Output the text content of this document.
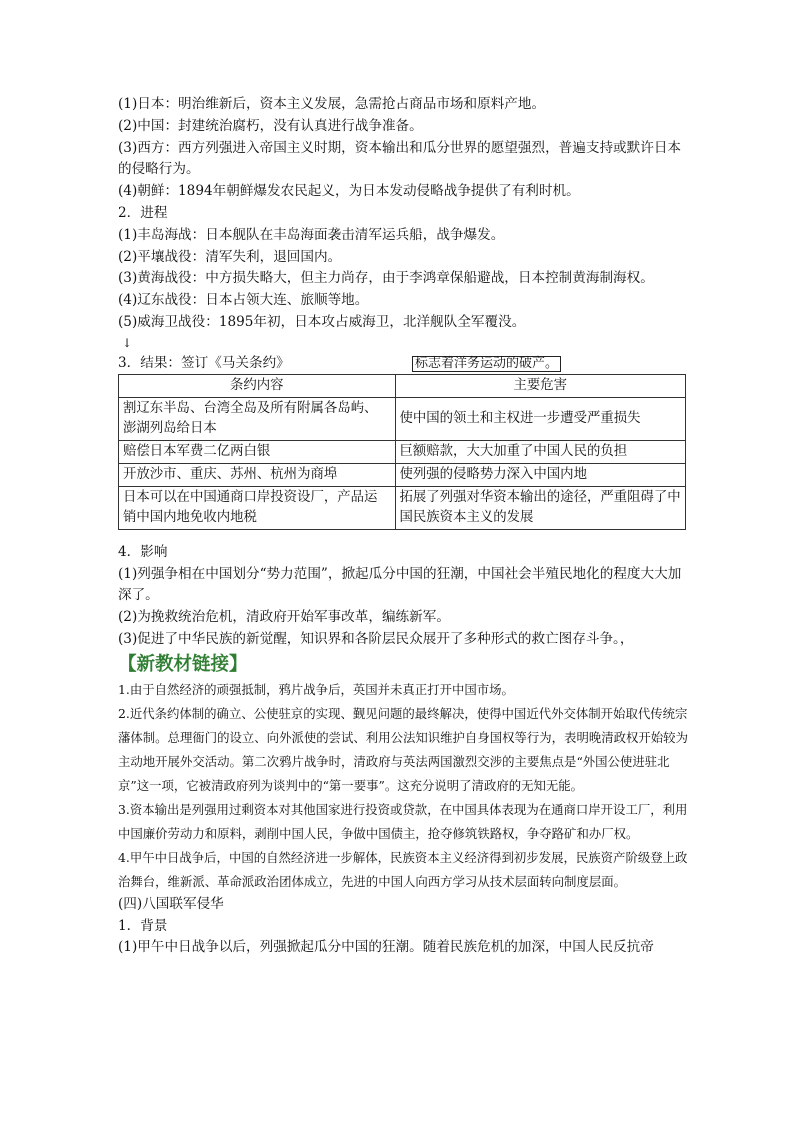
(1)日本：明治维新后，资本主义发展，急需抢占商品市场和原料产地。
(2)中国：封建统治腐朽，没有认真进行战争准备。
(3)西方：西方列强进入帝国主义时期，资本输出和瓜分世界的愿望强烈，普遍支持或默许日本的侵略行为。
(4)朝鲜：1894年朝鲜爆发农民起义，为日本发动侵略战争提供了有利时机。
2．进程
(1)丰岛海战：日本舰队在丰岛海面袭击清军运兵船，战争爆发。
(2)平壤战役：清军失利，退回国内。
(3)黄海战役：中方损失略大，但主力尚存，由于李鸿章保船避战，日本控制黄海制海权。
(4)辽东战役：日本占领大连、旅顺等地。
(5)威海卫战役：1895年初，日本攻占威海卫，北洋舰队全军覆没。
↓
3．结果：签订《马关条约》	标志着洋务运动的破产。
条约内容	主要危害
割辽东半岛、台湾全岛及所有附属各岛屿、澎湖列岛给日本	使中国的领土和主权进一步遭受严重损失
赔偿日本军费二亿两白银	巨额赔款，大大加重了中国人民的负担
开放沙市、重庆、苏州、杭州为商埠	使列强的侵略势力深入中国内地
日本可以在中国通商口岸投资设厂，产品运销中国内地免收内地税	拓展了列强对华资本输出的途径，严重阻碍了中国民族资本主义的发展
4．影响
(1)列强争相在中国划分“势力范围”，掀起瓜分中国的狂潮，中国社会半殖民地化的程度大大加深了。
(2)为挽救统治危机，清政府开始军事改革，编练新军。
(3)促进了中华民族的新觉醒，知识界和各阶层民众展开了多种形式的救亡图存斗争。，
【新教材链接】

1.由于自然经济的顽强抵制，鸦片战争后，英国并未真正打开中国市场。

2.近代条约体制的确立、公使驻京的实现、觐见问题的最终解决，使得中国近代外交体制开始取代传统宗藩体制。总理衙门的设立、向外派使的尝试、利用公法知识维护自身国权等行为，表明晚清政权开始较为主动地开展外交活动。第二次鸦片战争时，清政府与英法两国激烈交涉的主要焦点是“外国公使进驻北京”这一项，它被清政府列为谈判中的“第一要事”。这充分说明了清政府的无知无能。

3.资本输出是列强用过剩资本对其他国家进行投资或贷款，在中国具体表现为在通商口岸开设工厂，利用中国廉价劳动力和原料，剥削中国人民，争做中国债主，抢夺修筑铁路权，争夺路矿和办厂权。

4.甲午中日战争后，中国的自然经济进一步解体，民族资本主义经济得到初步发展，民族资产阶级登上政治舞台，维新派、革命派政治团体成立，先进的中国人向西方学习从技术层面转向制度层面。

(四)八国联军侵华
1．背景
(1)甲午中日战争以后，列强掀起瓜分中国的狂潮。随着民族危机的加深，中国人民反抗帝
